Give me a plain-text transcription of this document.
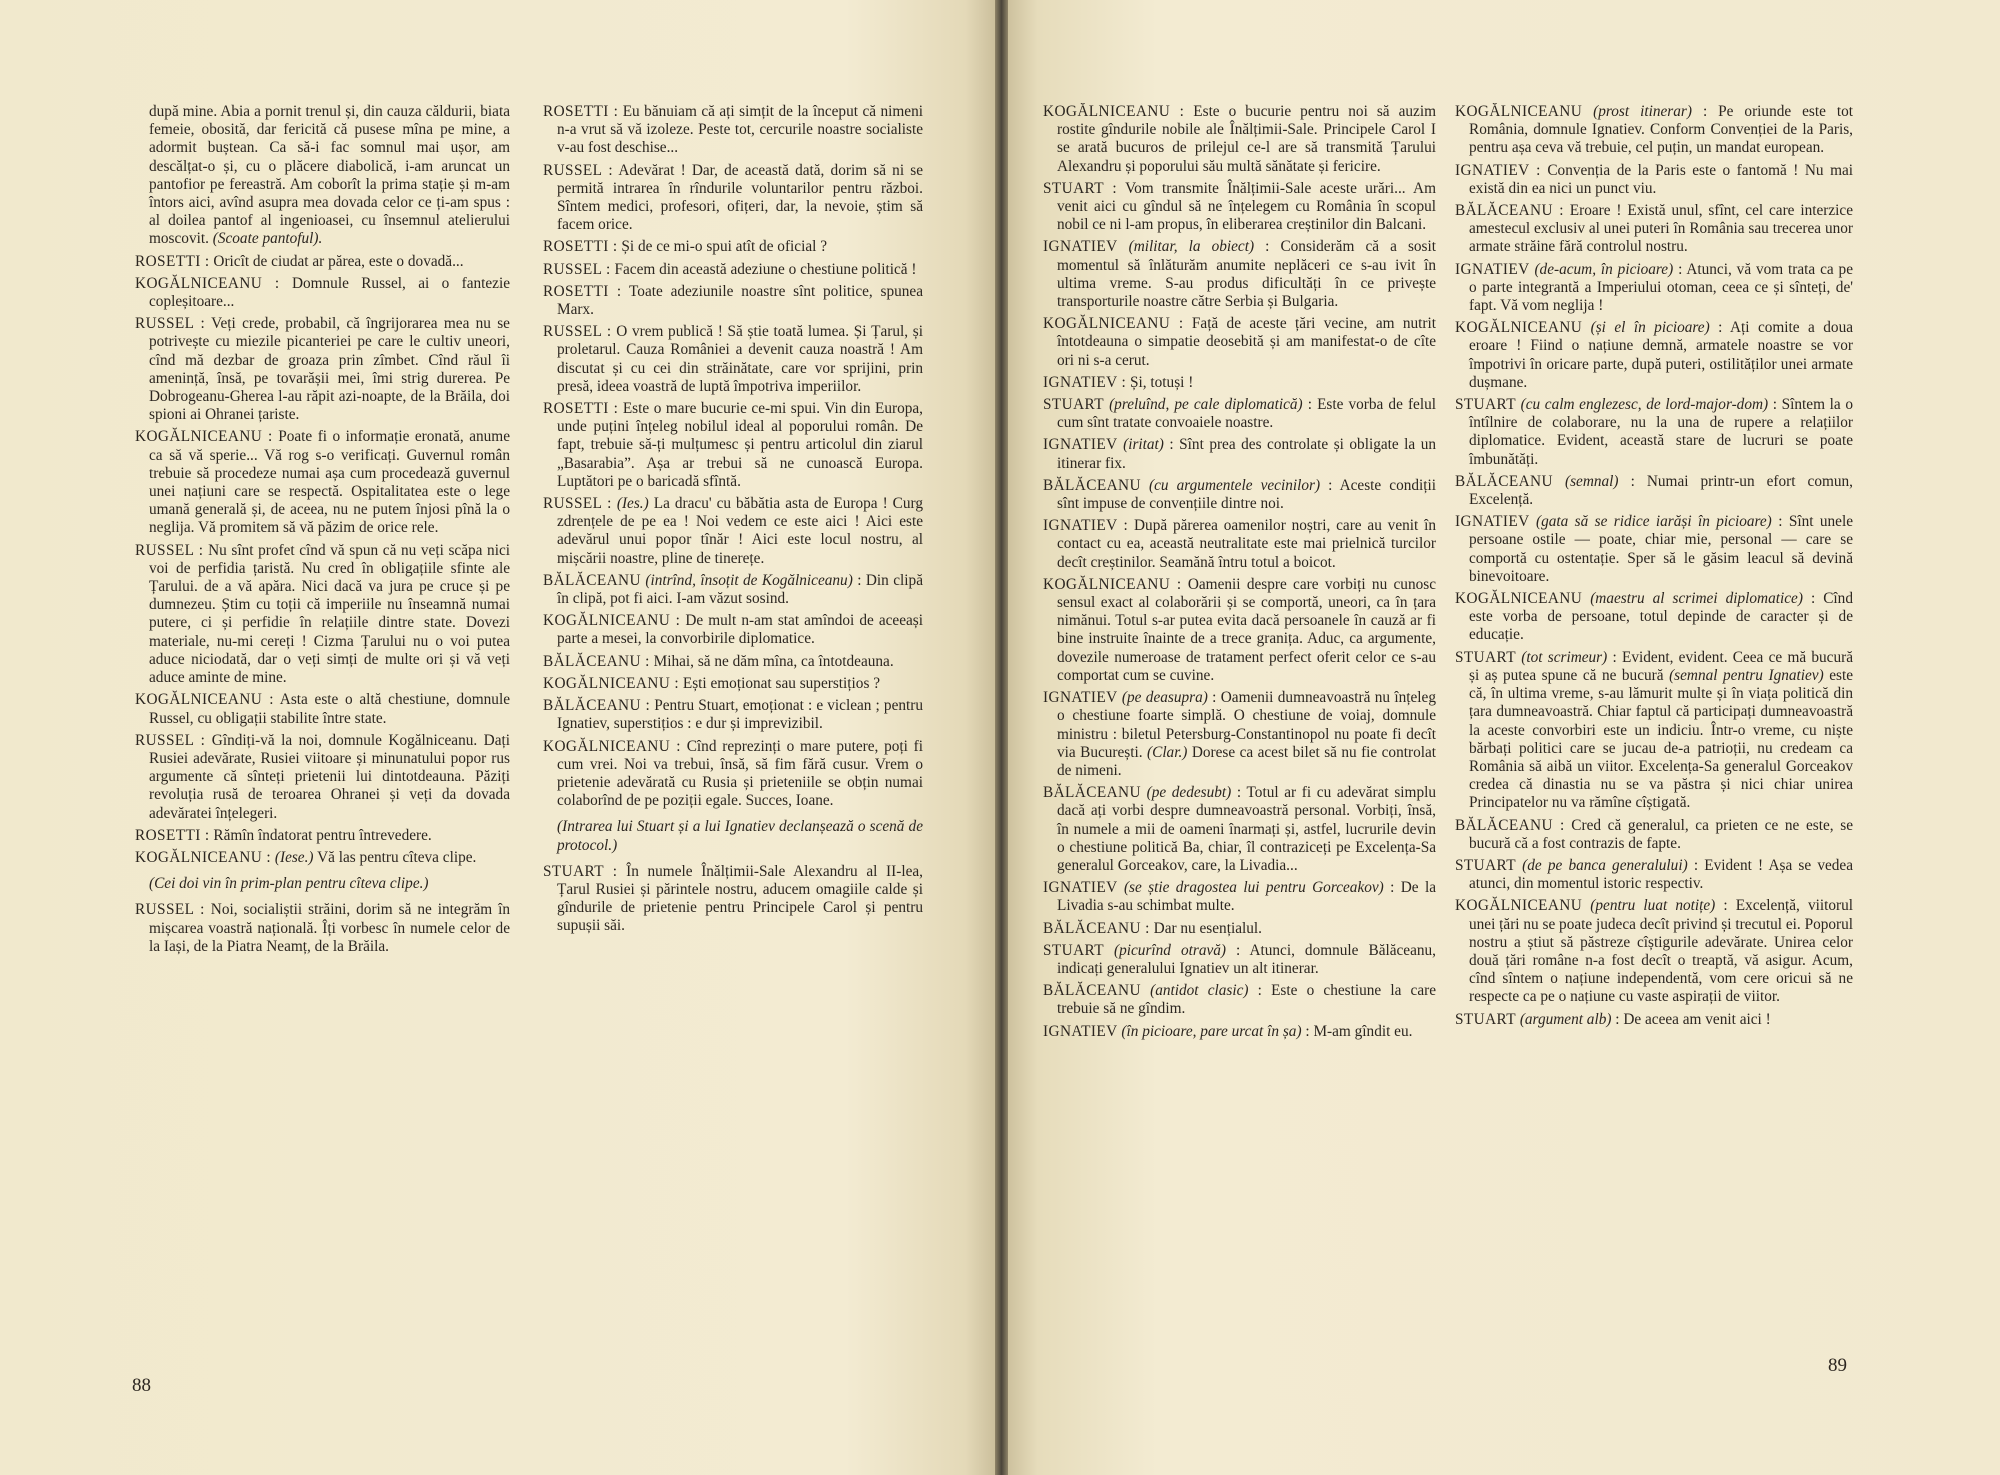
după mine. Abia a pornit trenul și, din cauza căldurii, biata femeie, obosită, dar fericită că pusese mîna pe mine, a adormit buștean. Ca să-i fac somnul mai ușor, am descălțat-o și, cu o plăcere diabolică, i-am aruncat un pantofior pe fereastră. Am coborît la prima stație și m-am întors aici, avînd asupra mea dovada celor ce ți-am spus : al doilea pantof al ingenioasei, cu însemnul atelierului moscovit. (Scoate pantoful).

ROSETTI : Oricît de ciudat ar părea, este o dovadă...

KOGĂLNICEANU : Domnule Russel, ai o fantezie copleșitoare...

RUSSEL : Veți crede, probabil, că îngrijorarea mea nu se potrivește cu miezile picanteriei pe care le cultiv uneori, cînd mă dezbar de groaza prin zîmbet. Cînd răul îi amenință, însă, pe tovarășii mei, îmi strig durerea. Pe Dobrogeanu-Gherea l-au răpit azi-noapte, de la Brăila, doi spioni ai Ohranei țariste.

KOGĂLNICEANU : Poate fi o informație eronată, anume ca să vă sperie... Vă rog s-o verificați. Guvernul român trebuie să procedeze numai așa cum procedează guvernul unei națiuni care se respectă. Ospitalitatea este o lege umană generală și, de aceea, nu ne putem înjosi pînă la o neglija. Vă promitem să vă păzim de orice rele.

RUSSEL : Nu sînt profet cînd vă spun că nu veți scăpa nici voi de perfidia țaristă. Nu cred în obligațiile sfinte ale Țarului. de a vă apăra. Nici dacă va jura pe cruce și pe dumnezeu. Știm cu toții că imperiile nu înseamnă numai putere, ci și perfidie în relațiile dintre state. Dovezi materiale, nu-mi cereți ! Cizma Țarului nu o voi putea aduce niciodată, dar o veți simți de multe ori și vă veți aduce aminte de mine.

KOGĂLNICEANU : Asta este o altă chestiune, domnule Russel, cu obligații stabilite între state.

RUSSEL : Gîndiți-vă la noi, domnule Kogălniceanu. Dați Rusiei adevărate, Rusiei viitoare și minunatului popor rus argumente că sînteți prietenii lui dintotdeauna. Păziți revoluția rusă de teroarea Ohranei și veți da dovada adevăratei înțelegeri.

ROSETTI : Rămîn îndatorat pentru întrevedere.

KOGĂLNICEANU : (Iese.) Vă las pentru cîteva clipe.

(Cei doi vin în prim-plan pentru cîteva clipe.)

RUSSEL : Noi, socialiștii străini, dorim să ne integrăm în mișcarea voastră națională. Îți vorbesc în numele celor de la Iași, de la Piatra Neamț, de la Brăila.

ROSETTI : Eu bănuiam că ați simțit de la început că nimeni n-a vrut să vă izoleze. Peste tot, cercurile noastre socialiste v-au fost deschise...

RUSSEL : Adevărat ! Dar, de această dată, dorim să ni se permită intrarea în rîndurile voluntarilor pentru război. Sîntem medici, profesori, ofițeri, dar, la nevoie, știm să facem orice.

ROSETTI : Și de ce mi-o spui atît de oficial ?

RUSSEL : Facem din această adeziune o chestiune politică !

ROSETTI : Toate adeziunile noastre sînt politice, spunea Marx.

RUSSEL : O vrem publică ! Să știe toată lumea. Și Țarul, și proletarul. Cauza României a devenit cauza noastră ! Am discutat și cu cei din străinătate, care vor sprijini, prin presă, ideea voastră de luptă împotriva imperiilor.

ROSETTI : Este o mare bucurie ce-mi spui. Vin din Europa, unde puțini înțeleg nobilul ideal al poporului român. De fapt, trebuie să-ți mulțumesc și pentru articolul din ziarul „Basarabia”. Așa ar trebui să ne cunoască Europa. Luptători pe o baricadă sfîntă.

RUSSEL : (Ies.) La dracu' cu băbătia asta de Europa ! Curg zdrențele de pe ea ! Noi vedem ce este aici ! Aici este adevărul unui popor tînăr ! Aici este locul nostru, al mișcării noastre, pline de tinerețe.

BĂLĂCEANU (intrînd, însoțit de Kogălniceanu) : Din clipă în clipă, pot fi aici. I-am văzut sosind.

KOGĂLNICEANU : De mult n-am stat amîndoi de aceeași parte a mesei, la convorbirile diplomatice.

BĂLĂCEANU : Mihai, să ne dăm mîna, ca întotdeauna.

KOGĂLNICEANU : Ești emoționat sau superstițios ?

BĂLĂCEANU : Pentru Stuart, emoționat : e viclean ; pentru Ignatiev, superstițios : e dur și imprevizibil.

KOGĂLNICEANU : Cînd reprezinți o mare putere, poți fi cum vrei. Noi va trebui, însă, să fim fără cusur. Vrem o prietenie adevărată cu Rusia și prieteniile se obțin numai colaborînd de pe poziții egale. Succes, Ioane.

(Intrarea lui Stuart și a lui Ignatiev declanșează o scenă de protocol.)

STUART : În numele Înălțimii-Sale Alexandru al II-lea, Țarul Rusiei și părintele nostru, aducem omagiile calde și gîndurile de prietenie pentru Principele Carol și pentru supușii săi.

88

KOGĂLNICEANU : Este o bucurie pentru noi să auzim rostite gîndurile nobile ale Înălțimii-Sale. Principele Carol I se arată bucuros de prilejul ce-l are să transmită Țarului Alexandru și poporului său multă sănătate și fericire.

STUART : Vom transmite Înălțimii-Sale aceste urări... Am venit aici cu gîndul să ne înțelegem cu România în scopul nobil ce ni l-am propus, în eliberarea creștinilor din Balcani.

IGNATIEV (militar, la obiect) : Considerăm că a sosit momentul să înlăturăm anumite neplăceri ce s-au ivit în ultima vreme. S-au produs dificultăți în ce privește transporturile noastre către Serbia și Bulgaria.

KOGĂLNICEANU : Față de aceste țări vecine, am nutrit întotdeauna o simpatie deosebită și am manifestat-o de cîte ori ni s-a cerut.

IGNATIEV : Și, totuși !

STUART (preluînd, pe cale diplomatică) : Este vorba de felul cum sînt tratate convoaiele noastre.

IGNATIEV (iritat) : Sînt prea des controlate și obligate la un itinerar fix.

BĂLĂCEANU (cu argumentele vecinilor) : Aceste condiții sînt impuse de convențiile dintre noi.

IGNATIEV : După părerea oamenilor noștri, care au venit în contact cu ea, această neutralitate este mai prielnică turcilor decît creștinilor. Seamănă întru totul a boicot.

KOGĂLNICEANU : Oamenii despre care vorbiți nu cunosc sensul exact al colaborării și se comportă, uneori, ca în țara nimănui. Totul s-ar putea evita dacă persoanele în cauză ar fi bine instruite înainte de a trece granița. Aduc, ca argumente, dovezile numeroase de tratament perfect oferit celor ce s-au comportat cum se cuvine.

IGNATIEV (pe deasupra) : Oamenii dumneavoastră nu înțeleg o chestiune foarte simplă. O chestiune de voiaj, domnule ministru : biletul Petersburg-Constantinopol nu poate fi decît via București. (Clar.) Dorese ca acest bilet să nu fie controlat de nimeni.

BĂLĂCEANU (pe dedesubt) : Totul ar fi cu adevărat simplu dacă ați vorbi despre dumneavoastră personal. Vorbiți, însă, în numele a mii de oameni înarmați și, astfel, lucrurile devin o chestiune politică Ba, chiar, îl contraziceți pe Excelența-Sa generalul Gorceakov, care, la Livadia...

IGNATIEV (se știe dragostea lui pentru Gorceakov) : De la Livadia s-au schimbat multe.

BĂLĂCEANU : Dar nu esențialul.

STUART (picurînd otravă) : Atunci, domnule Bălăceanu, indicați generalului Ignatiev un alt itinerar.

BĂLĂCEANU (antidot clasic) : Este o chestiune la care trebuie să ne gîndim.

IGNATIEV (în picioare, pare urcat în șa) : M-am gîndit eu.

KOGĂLNICEANU (prost itinerar) : Pe oriunde este tot România, domnule Ignatiev. Conform Convenției de la Paris, pentru așa ceva vă trebuie, cel puțin, un mandat european.

IGNATIEV : Convenția de la Paris este o fantomă ! Nu mai există din ea nici un punct viu.

BĂLĂCEANU : Eroare ! Există unul, sfînt, cel care interzice amestecul exclusiv al unei puteri în România sau trecerea unor armate străine fără controlul nostru.

IGNATIEV (de-acum, în picioare) : Atunci, vă vom trata ca pe o parte integrantă a Imperiului otoman, ceea ce și sînteți, de' fapt. Vă vom neglija !

KOGĂLNICEANU (și el în picioare) : Ați comite a doua eroare ! Fiind o națiune demnă, armatele noastre se vor împotrivi în oricare parte, după puteri, ostilităților unei armate dușmane.

STUART (cu calm englezesc, de lord-major-dom) : Sîntem la o întîlnire de colaborare, nu la una de rupere a relațiilor diplomatice. Evident, această stare de lucruri se poate îmbunătăți.

BĂLĂCEANU (semnal) : Numai printr-un efort comun, Excelență.

IGNATIEV (gata să se ridice iarăși în picioare) : Sînt unele persoane ostile — poate, chiar mie, personal — care se comportă cu ostentație. Sper să le găsim leacul să devină binevoitoare.

KOGĂLNICEANU (maestru al scrimei diplomatice) : Cînd este vorba de persoane, totul depinde de caracter și de educație.

STUART (tot scrimeur) : Evident, evident. Ceea ce mă bucură și aș putea spune că ne bucură (semnal pentru Ignatiev) este că, în ultima vreme, s-au lămurit multe și în viața politică din țara dumneavoastră. Chiar faptul că participați dumneavoastră la aceste convorbiri este un indiciu. Într-o vreme, cu niște bărbați politici care se jucau de-a patrioții, nu credeam ca România să aibă un viitor. Excelența-Sa generalul Gorceakov credea că dinastia nu se va păstra și nici chiar unirea Principatelor nu va rămîne cîștigată.

BĂLĂCEANU : Cred că generalul, ca prieten ce ne este, se bucură că a fost contrazis de fapte.

STUART (de pe banca generalului) : Evident ! Așa se vedea atunci, din momentul istoric respectiv.

KOGĂLNICEANU (pentru luat notițe) : Excelență, viitorul unei țări nu se poate judeca decît privind și trecutul ei. Poporul nostru a știut să păstreze cîștigurile adevărate. Unirea celor două țări române n-a fost decît o treaptă, vă asigur. Acum, cînd sîntem o națiune independentă, vom cere oricui să ne respecte ca pe o națiune cu vaste aspirații de viitor.

STUART (argument alb) : De aceea am venit aici !

89
